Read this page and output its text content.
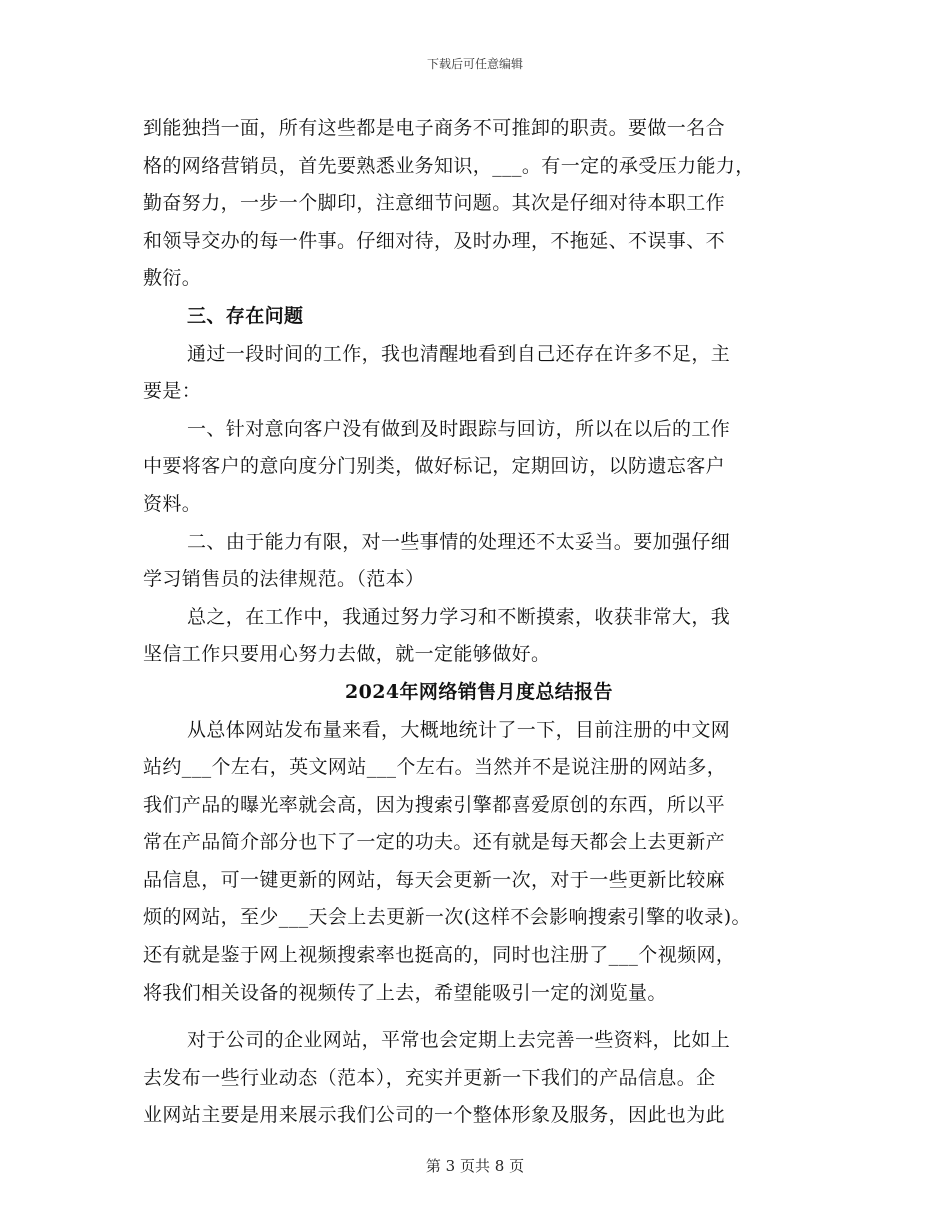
下载后可任意编辑
到能独挡一面，所有这些都是电子商务不可推卸的职责。要做一名合
格的网络营销员，首先要熟悉业务知识，___。有一定的承受压力能力，
勤奋努力，一步一个脚印，注意细节问题。其次是仔细对待本职工作
和领导交办的每一件事。仔细对待，及时办理，不拖延、不误事、不
敷衍。
三、存在问题
通过一段时间的工作，我也清醒地看到自己还存在许多不足，主
要是：
一、针对意向客户没有做到及时跟踪与回访，所以在以后的工作
中要将客户的意向度分门别类，做好标记，定期回访，以防遗忘客户
资料。
二、由于能力有限，对一些事情的处理还不太妥当。要加强仔细
学习销售员的法律规范。（范本）
总之，在工作中，我通过努力学习和不断摸索，收获非常大，我
坚信工作只要用心努力去做，就一定能够做好。
2024年网络销售月度总结报告
从总体网站发布量来看，大概地统计了一下，目前注册的中文网
站约___个左右，英文网站___个左右。当然并不是说注册的网站多，
我们产品的曝光率就会高，因为搜索引擎都喜爱原创的东西，所以平
常在产品简介部分也下了一定的功夫。还有就是每天都会上去更新产
品信息，可一键更新的网站，每天会更新一次，对于一些更新比较麻
烦的网站，至少___天会上去更新一次(这样不会影响搜索引擎的收录)。
还有就是鉴于网上视频搜索率也挺高的，同时也注册了___个视频网，
将我们相关设备的视频传了上去，希望能吸引一定的浏览量。
对于公司的企业网站，平常也会定期上去完善一些资料，比如上
去发布一些行业动态（范本），充实并更新一下我们的产品信息。企
业网站主要是用来展示我们公司的一个整体形象及服务，因此也为此
第 3 页共 8 页
